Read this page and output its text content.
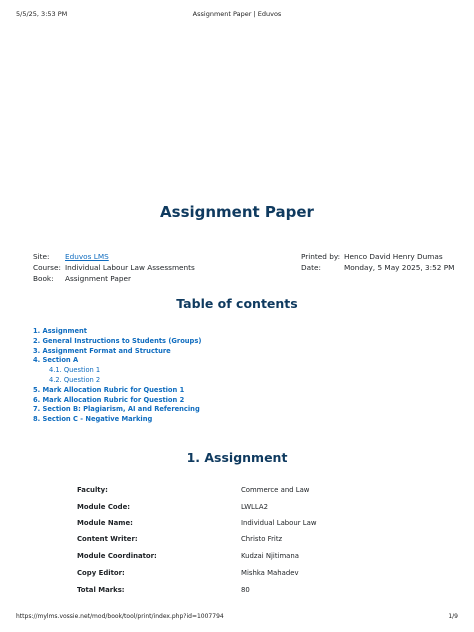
5/5/25, 3:53 PM	Assignment Paper | Eduvos
Assignment Paper
Site: Eduvos LMS
Course: Individual Labour Law Assessments
Book: Assignment Paper
Printed by: Henco David Henry Dumas
Date:	Monday, 5 May 2025, 3:52 PM
Table of contents
1. Assignment
2. General Instructions to Students (Groups)
3. Assignment Format and Structure
4. Section A
4.1. Question 1
4.2. Question 2
5. Mark Allocation Rubric for Question 1
6. Mark Allocation Rubric for Question 2
7. Section B: Plagiarism, AI and Referencing
8. Section C - Negative Marking
1. Assignment
Faculty:	Commerce and Law
Module Code:	LWLLA2
Module Name:	Individual Labour Law
Content Writer:	Christo Fritz
Module Coordinator:	Kudzai Njitimana
Copy Editor:	Mishka Mahadev
Total Marks:	80
https://mylms.vossie.net/mod/book/tool/print/index.php?id=1007794	1/9
